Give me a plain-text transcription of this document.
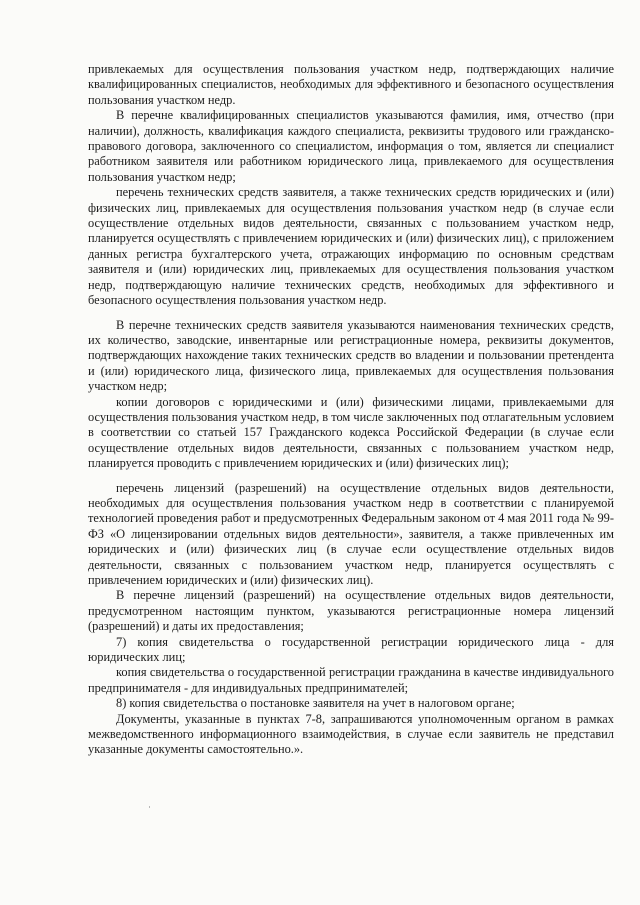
привлекаемых для осуществления пользования участком недр, подтверждающих наличие квалифицированных специалистов, необходимых для эффективного и безопасного осуществления пользования участком недр.

В перечне квалифицированных специалистов указываются фамилия, имя, отчество (при наличии), должность, квалификация каждого специалиста, реквизиты трудового или гражданско-правового договора, заключенного со специалистом, информация о том, является ли специалист работником заявителя или работником юридического лица, привлекаемого для осуществления пользования участком недр;

перечень технических средств заявителя, а также технических средств юридических и (или) физических лиц, привлекаемых для осуществления пользования участком недр (в случае если осуществление отдельных видов деятельности, связанных с пользованием участком недр, планируется осуществлять с привлечением юридических и (или) физических лиц), с приложением данных регистра бухгалтерского учета, отражающих информацию по основным средствам заявителя и (или) юридических лиц, привлекаемых для осуществления пользования участком недр, подтверждающую наличие технических средств, необходимых для эффективного и безопасного осуществления пользования участком недр.

В перечне технических средств заявителя указываются наименования технических средств, их количество, заводские, инвентарные или регистрационные номера, реквизиты документов, подтверждающих нахождение таких технических средств во владении и пользовании претендента и (или) юридического лица, физического лица, привлекаемых для осуществления пользования участком недр;

копии договоров с юридическими и (или) физическими лицами, привлекаемыми для осуществления пользования участком недр, в том числе заключенных под отлагательным условием в соответствии со статьей 157 Гражданского кодекса Российской Федерации (в случае если осуществление отдельных видов деятельности, связанных с пользованием участком недр, планируется проводить с привлечением юридических и (или) физических лиц);

перечень лицензий (разрешений) на осуществление отдельных видов деятельности, необходимых для осуществления пользования участком недр в соответствии с планируемой технологией проведения работ и предусмотренных Федеральным законом от 4 мая 2011 года № 99-ФЗ «О лицензировании отдельных видов деятельности», заявителя, а также привлеченных им юридических и (или) физических лиц (в случае если осуществление отдельных видов деятельности, связанных с пользованием участком недр, планируется осуществлять с привлечением юридических и (или) физических лиц).

В перечне лицензий (разрешений) на осуществление отдельных видов деятельности, предусмотренном настоящим пунктом, указываются регистрационные номера лицензий (разрешений) и даты их предоставления;

7) копия свидетельства о государственной регистрации юридического лица - для юридических лиц;

копия свидетельства о государственной регистрации гражданина в качестве индивидуального предпринимателя - для индивидуальных предпринимателей;

8) копия свидетельства о постановке заявителя на учет в налоговом органе;

Документы, указанные в пунктах 7-8, запрашиваются уполномоченным органом в рамках межведомственного информационного взаимодействия, в случае если заявитель не представил указанные документы самостоятельно.».
